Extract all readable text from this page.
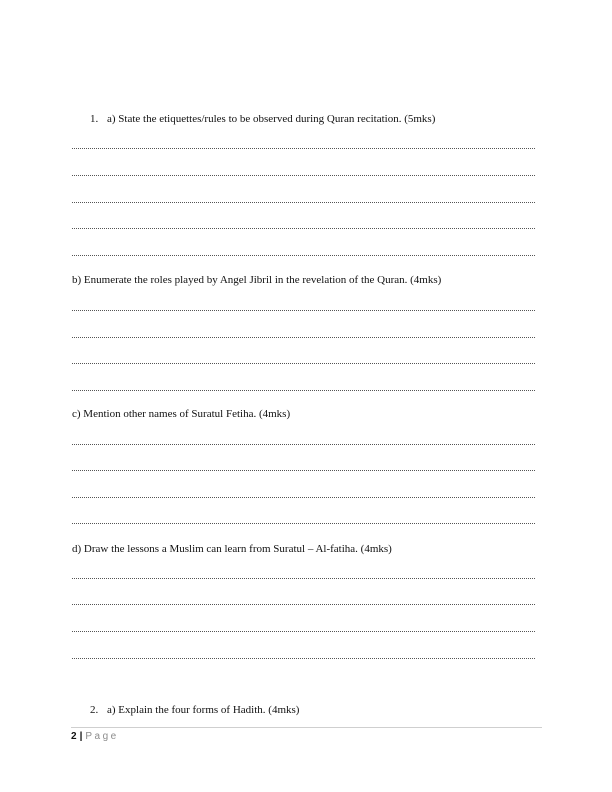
1. a) State the etiquettes/rules to be observed during Quran recitation. (5mks)
b) Enumerate the roles played by Angel Jibril in the revelation of the Quran. (4mks)
c) Mention other names of Suratul Fetiha. (4mks)
d) Draw the lessons a Muslim can learn from Suratul – Al-fatiha. (4mks)
2. a) Explain the four forms of Hadith. (4mks)
2 | Page
